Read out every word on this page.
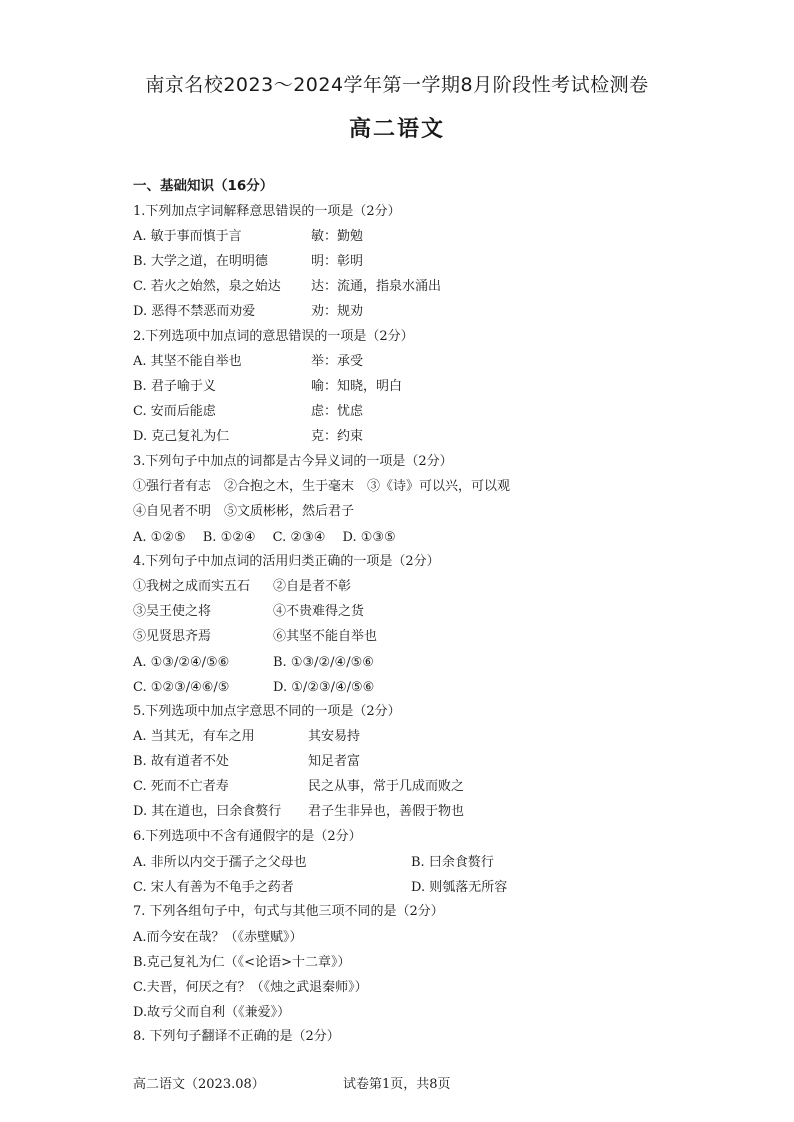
南京名校2023～2024学年第一学期8月阶段性考试检测卷
高二语文
一、基础知识（16分）
1.下列加点字词解释意思错误的一项是（2分）
A. 敏于事而慎于言	敏：勤勉
B. 大学之道，在明明德	明：彰明
C. 若火之始然，泉之始达 达：流通，指泉水涌出
D. 恶得不禁恶而劝爱	劝：规劝
2.下列选项中加点词的意思错误的一项是（2分）
A. 其坚不能自举也	举：承受
B. 君子喻于义	喻：知晓，明白
C. 安而后能虑	虑：忧虑
D. 克己复礼为仁	克：约束
3.下列句子中加点的词都是古今异义词的一项是（2分）
①强行者有志　②合抱之木，生于毫末　③《诗》可以兴，可以观
④自见者不明　⑤文质彬彬，然后君子
A. ①②⑤　 B. ①②④　 C. ②③④　 D. ①③⑤
4.下列句子中加点词的活用归类正确的一项是（2分）
①我树之成而实五石 ②自是者不彰
③吴王使之将	④不贵难得之货
⑤见贤思齐焉	⑥其坚不能自举也
A. ①③/②④/⑤⑥	B. ①③/②/④/⑤⑥
C. ①②③/④⑥/⑤	D. ①/②③/④/⑤⑥
5.下列选项中加点字意思不同的一项是（2分）
A. 当其无，有车之用	其安易持
B. 故有道者不处	知足者富
C. 死而不亡者寿	民之从事，常于几成而败之
D. 其在道也，曰余食赘行 君子生非异也，善假于物也
6.下列选项中不含有通假字的是（2分）
A. 非所以内交于孺子之父母也	B. 曰余食赘行
C. 宋人有善为不龟手之药者	D. 则瓠落无所容
7. 下列各组句子中，句式与其他三项不同的是（2分）
A.而今安在哉？（《赤壁赋》）
B.克己复礼为仁（《<论语>十二章》）
C.夫晋，何厌之有？（《烛之武退秦师》）
D.故亏父而自利（《兼爱》）
8. 下列句子翻译不正确的是（2分）
高二语文（2023.08）	试卷第1页，共8页
